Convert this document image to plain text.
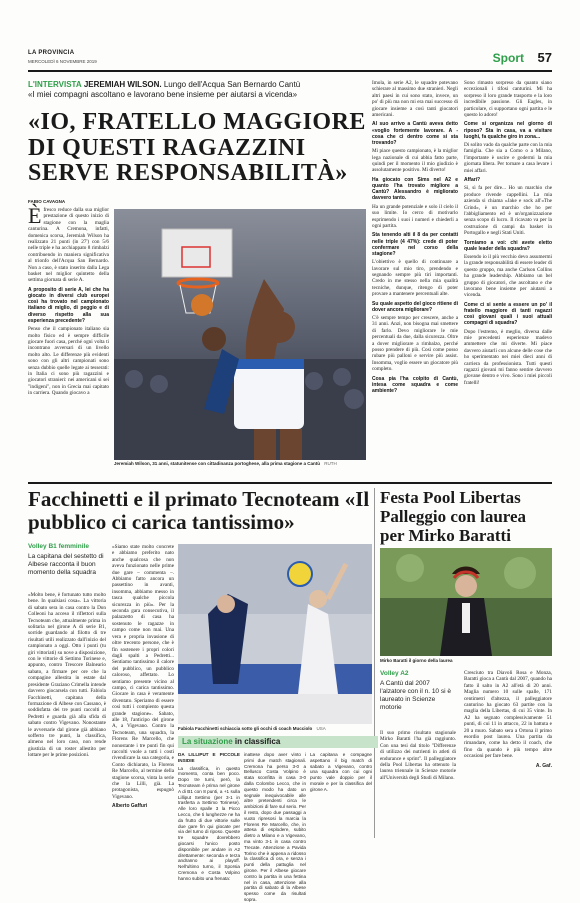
LA PROVINCIA
MERCOLEDÌ 6 NOVEMBRE 2019	Sport 57
L'INTERVISTA JEREMIAH WILSON. Lungo dell'Acqua San Bernardo Cantù
«I miei compagni ascoltano e lavorano bene insieme per aiutarsi a vicenda»
«IO, FRATELLO MAGGIORE DI QUESTI RAGAZZINI SERVE RESPONSABILITÀ»
FABIO CAVAGNA

Èfresco reduce dalla sua miglior prestazione di questo inizio di stagione con la maglia canturina. A Cremona, infatti, domenica scorsa, Jeremiah Wilson ha realizzato 21 punti (in 27') con 5/6 nelle triple e ha acchiappato 8 rimbalzi contribuendo in maniera significativa al trionfo dell'Acqua San Bernardo. Non a caso, è stato inserito dalla Lega basket nel miglior quintetto della settima giornata di serie A.

A proposito di serie A, lei che ha giocato in diversi club europei così ha trovato nel campionato italiano di miglio, di peggio e di diverso rispetto alla sua esperienza precedente?

Penso che il campionato italiano sia molto fisico ed è sempre difficile giocare fuori casa, perché ogni volta ti incontrano avversari di un livello molto alto. Le differenze più evidenti sono con gli altri campionati sono senza dubbio quelle legate ai tesserati: in Italia ci sono più ragazzini e giocatori stranieri: nei americani si sei "indigeni", non in Grecia mai capitato in carriera. Quando giocavo a

Jeremiah Wilson, 31 anni, statunitense con cittadinanza portoghese, alla prima stagione a Cantù RUTH

Imola, in serie A2, le squadre potevano schierare al massimo due stranieri. Negli altri paesi in cui sono stato, invece, un po' di più ma non mi era mai successo di giocare insieme a così tanti giocatori americani.

Al suo arrivo a Cantù aveva detto «voglio fortemente lavorare. A - cosa che ci dentro come si sta trovando?

Mi piace questo campionato, è la miglior lega nazionale di cui abbia fatto parte, quindi per il momento il mio giudizio è assolutamente positivo. Mi diverto!

Ha giocato con Sims nel A2 e quanto l'ha trovato migliore a Cantù? Alessandro è migliorato davvero tanto.

Ha un grande potenziale e solo il cielo il suo limite. Io cerco di motivarlo esprimendo i suoi i numeri e chiederli a ogni partita.

Sta tenendo alti il 8 da per contatti nelle triple (4 47%): crede di poter confermare nel corso della stagione?

L'obiettivo è quello di continuare a lavorare sul mio tiro, prendendo e segnando sempre più tiri importanti. Credo in me stesso nella mia qualità tecniche, dunque, ritengo di poter provare a mantenere percentuali alte.

Su quale aspetto del gioco ritiene di dover ancora migliorare?

C'è sempre tempo per crescere, anche a 31 anni. Anzi, non bisogna mai smettere di farlo. Devo migliorare le mie percentuali da due, dalla sicurezza. Oltre a dover migliorare a rimbalzo, perché posso prendere di più. Così come posso rubare più palloni e servire più assist. Insomma, voglio essere un giocatore più completo.

Cosa pia l'ha colpito di Cantù, intesa come squadra e come ambiente?

Sono rimasto sorpreso da quanto siano eccezionali i tifosi canturini. Mi ha sorpreso il loro grande trasporto e la loro incredibile passione. Gli Eagles, in particolare, ci supportano ogni partita e le questo lo adoro!

Come si organizza nel giorno di riposo? Sta in casa, va a visitare luoghi, fa qualche giro in zona...

Di solito vado da qualche parte con la mia famiglia. Che sia a Como o a Milano, l'importante è uscire e godermi la mia giornata libera. Per tornare a casa levare i miei affari.

Affari?

Sì, sì fa per dire... Ho un marchio che produce rivende cappellini. La mia azienda si chiama «Jake e sock all'«The Grind», è un marchio che ho per l'abbigliamento ed è un'organizzazione senza scopo di lucro. Il ricavato va per la costruzione di campi da basket in Portogallo e negli Stati Uniti.

Torniamo a voi: chi avete eletto quale leader della squadra?

Essendo io il più vecchio devo assumermi la grande responsabilità di essere leader di questo gruppo, ma anche Carlson Collins ha grande leadership. Abbiamo un bel gruppo di giocatori, che ascoltano e che lavorano bene insieme per aiutarsi a vicenda.

Come ci si sente a essere un po' il fratello maggiore di tanti ragazzi così giovani quali i suoi attuali compagni di squadra?

Dopo l'estremo, è meglio, diversa dalle mie precedenti esperienze madevo ammettere che mi diverte. Mi piace davvero aiutarli con alcune delle cose che ho sperimentato nei miei dieci anni di carriera da professionista. Tutti questi ragazzi giovani mi fanno sentire davvero giovane dentro e vivo. Sono i miei piccoli fratelli!

Facchinetti e il primato Tecnoteam «Il pubblico ci carica tantissimo»
Volley B1 femminile
La capitana del sestetto di Albese racconta il buon momento della squadra

«Molto bene, è fortunato tutto molto bene. In qualsiasi cosa». La vittoria di sabato sera in casa contro la Don Colleoni ha acceso il riflettori sulla Tecnoteam che, attualmente prima in solitaria nel girone A di serie B1, sorride guardando al filotto di tre risultati utili realizzato dall'inizio del campionato a oggi. Otto i punti (tu giri vittoriati) su nove a disposizione, con le vittorie di Settimo Torinese e, appunto, contro Trescore Balneario sabato, a firmare per ore che la compagine allestita in estate dal presidente Graziano Crimella intende davvero giocarsela con tutti. Fabiola Facchinetti, capitana della formazione di Albese con Cassano, è soddisfatta dei tre punti raccolti al Pedretti e guarda già alla sfida di sabato contro Vigevano. Nonostante le avversarie dal girone già abbiano sofferto tre punti, la classifica, almeno nel loro caso, non rende giustizia di un roster allestito per lottare per le prime posizioni.

«Siamo state molto concrete e abbiamo preferito nato anche qualcosa che non aveva funzionato nelle prime due gare – commenta –. Abbiamo fatto ancora un passettino in avanti, insomma, abbiamo messo in tasca qualche piccola sicurezza in più». Per la seconda gara consecutiva, il palazzetto di casa ha sostenuto le ragazze in campo come non mai. Una vera e propria invasione di oltre trecento persone, che è fin sostenere i propri colori dagli spalti a Pedretti... Sentiamo tantissimo il calore del pubblico, un pubblico caloroso, affettato. Lo sentiamo presente vicino al campo, ci carica tantissimo. Giocare in casa è veramente diventato. Speriamo di essere così tutti i compiento questa grande stagione». Sabato, alle 18, l'anticipo del girone A, a Vigevano. Contro la Tecnoteam, una squadra, la Florens Re Marcello, che nonostante i tre punti fin qui raccolti vuole a tutti i costi rivendicare la sua categoria, e Conto dichiarato, la Florens Re Marcello, al termine della stagione scorsa, vinta la serie che la Lilli, già. La protagonista, espugnò Vigevano.

Alberto Gaffuri

Fabiola Facchinetti schiaccia sotto gli occhi di coach Mucciolo USA
La situazione in classifica
DA LILLIPUT E PICCOLE INSIDIE
La classifica, in questo momento, conta ben poco. Dopo tre turni, però, la Tecnoteam è prima nel girone A di B1 con 8 punti, a +1 sulla Lilliput Settimo (per 3-1 in trasferta a Settimo Torinese). Alle loro spalle 3 la Picco Lecco, che ti lunghezze ne ha da frutto di due vittorie sulle due gare fin qui giocate per via del turno di riposo. Queste tre squadre dovrebbero giocarsi l'unico posto disponibile per andare in A2 direttamente: seconda e terza andranno ai playoff. Nell'ultimo turno, il Sporsia Cremona e Costa Volpino hanno subito una frenata:
inattese dopo aver vinto i primi due match stagionali. Cremona ha perso 3-0 a Bellusco Costa Volpino è stata sconfitta in casa 3-0 dalla Colombo Lecco, che in questo modo ha dato un segnale inequivocabile alle altre pretendenti circa le ambizioni di fare sul serio. Per il resto, dopo due passaggi a vuoto ripresosi la marcia la Florens Re Marcello, che, in attesa di esplodere, subito dietro a Milano e a Vigevano, ma vinto 3-1 in casa contro Trecate. Attenzione a Pavida Torino che è appena a ridosso la classifica di ora, e senza i punti della pattuglia nel girone. Per il Albese giocare contro la partita in una fettina nel in casa, attenzione alla partita di sabato di la Albese spesso come da risultati sopra.
La capitana e compagne aspettano il big match di sabato a Vigevano, contro una squadra con cui ogni punto vale doppio per il morale e per la classifica del girone A.
Festa Pool Libertas Palleggio con laurea per Mirko Baratti
Mirko Baratti il giorno della laurea
Volley A2
A Cantù dal 2007 l'alzatore con il n. 10 si è laureato in Scienze motorie

Il suo primo risultato stagionale Mirko Baratti l'ha già raggiunto. Con una tesi dal titolo "Differenze di utilizzo dei nutrienti in atleti di endurance e sprint". Il palleggiatore della Pool Libertas ha ottenuto la laurea triennale in Scienze motorie all'Università degli Studi di Milano.

Cresciuto tra Diavoli Rosa e Monza, Baratti gioca a Cantù dal 2007, quando ha fatto il salto in A2 all'età di 20 anni. Maglia numero 10 sulle spalle, 171 centimetri d'altezza, il palleggiatore canturino ha giocato 63 partite con la maglia della Libertas, di cui 35 vinte. In A2 ha segnato complessivamente 51 punti, di cui 11 in attacco, 22 in battuta e 20 a muro. Sabato sera a Ortona il primo esordio post laurea. Una partita da rimandare, come ha detto il coach, che fino da quando è più tempo altre occasioni per fare bene.

A. Gaf.
